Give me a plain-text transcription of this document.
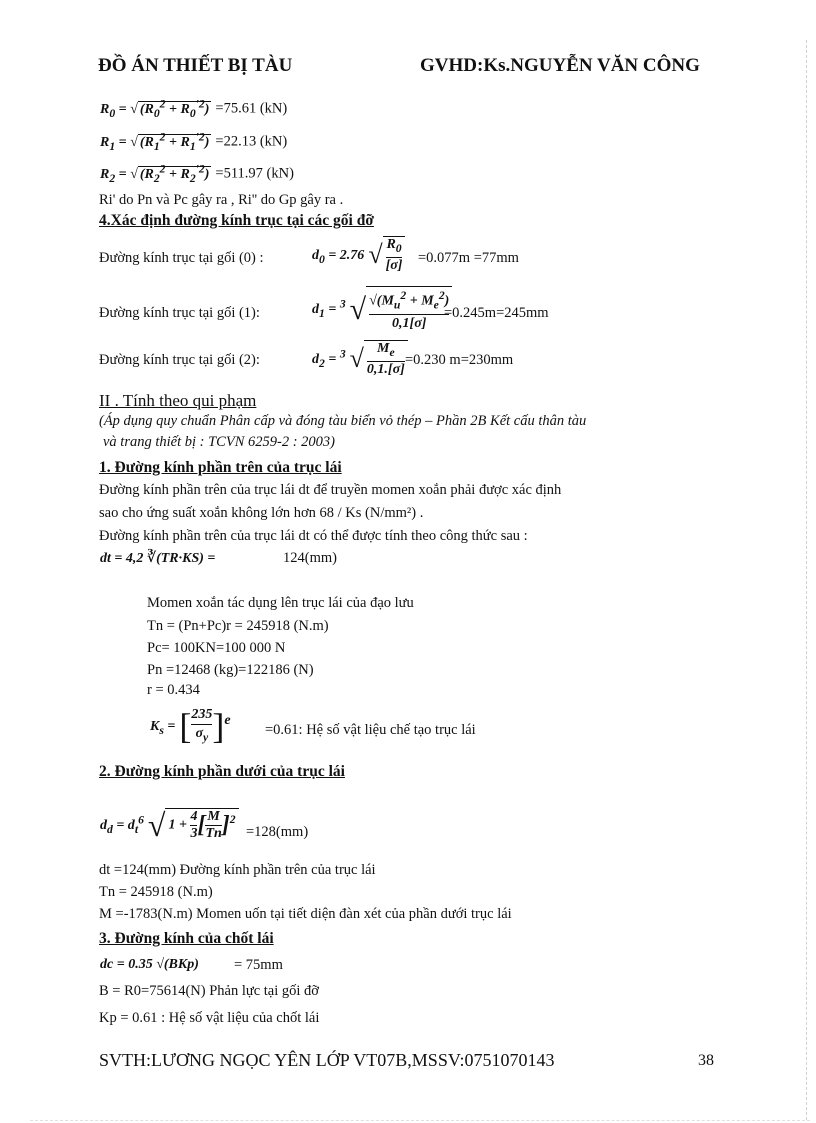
ĐỒ ÁN THIẾT BỊ TÀU	GVHD:Ks.NGUYỄN VĂN CÔNG
$R_0$ = √ $(R_0^2 + R_0^{'2}) =75.61$ (kN)
$R_1$ = √ $(R_1^2 + R_1^{'2}) =22.13$ (kN)
$R_2$ = √ $(R_2^2 + R_2^{'2}) =511.97$ (kN)
Ri' do Pn và Pc gây ra , Ri'' do Gp gây ra .
4.Xác định đường kính trục tại các gối đỡ
Đường kính trục tại gối (0) :	$d_0 = 2.76$ √ $R_0$

[σ] =0.077m =77mm
Đường kính trục tại gối (1):	$d_1 = ^3$ √ $√(M_u^2 + M_e^2)$

0,1[σ]
=0.245m=245mm
Đường kính trục tại gối (2):	$d_2 = ^3$ √ $M_e$

0,1.[σ]
=0.230 m=230mm
II . Tính theo qui phạm
(Áp dụng quy chuẩn Phân cấp và đóng tàu biển vỏ thép – Phần 2B Kết cấu thân tàu
và trang thiết bị : TCVN 6259-2 : 2003)
1. Đường kính phần trên của trục lái
Đường kính phần trên của trục lái dt để truyền momen xoắn phải được xác định
sao cho ứng suất xoắn không lớn hơn 68 / Ks (N/mm²) .
Đường kính phần trên của trục lái dt có thể được tính theo công thức sau :
dt = 4,2 ∛(TR·KS) =	124(mm)
Momen xoắn tác dụng lên trục lái của đạo lưu
Tn = (Pn+Pc)r = 245918 (N.m)
Pc= 100KN=100 000 N
Pn =12468 (kg)=122186 (N)
r = 0.434
$K_s = [235$

$\sigma_y$ ]$^e$
=0.61: Hệ số vật liệu chế tạo trục lái
2. Đường kính phần dưới của trục lái
$d_d = d_t^6$ √ 1 + 4

3 [ M

Tn ]$^2$
=128(mm)
dt =124(mm) Đường kính phần trên của trục lái
Tn = 245918 (N.m)
M =-1783(N.m) Momen uốn tại tiết diện đàn xét của phần dưới trục lái
3. Đường kính của chốt lái
dc = 0.35 √(BKp) = 75mm
B = R0=75614(N) Phản lực tại gối đỡ
Kp = 0.61 : Hệ số vật liệu của chốt lái
SVTH:LƯƠNG NGỌC YÊN LỚP VT07B,MSSV:0751070143	38
